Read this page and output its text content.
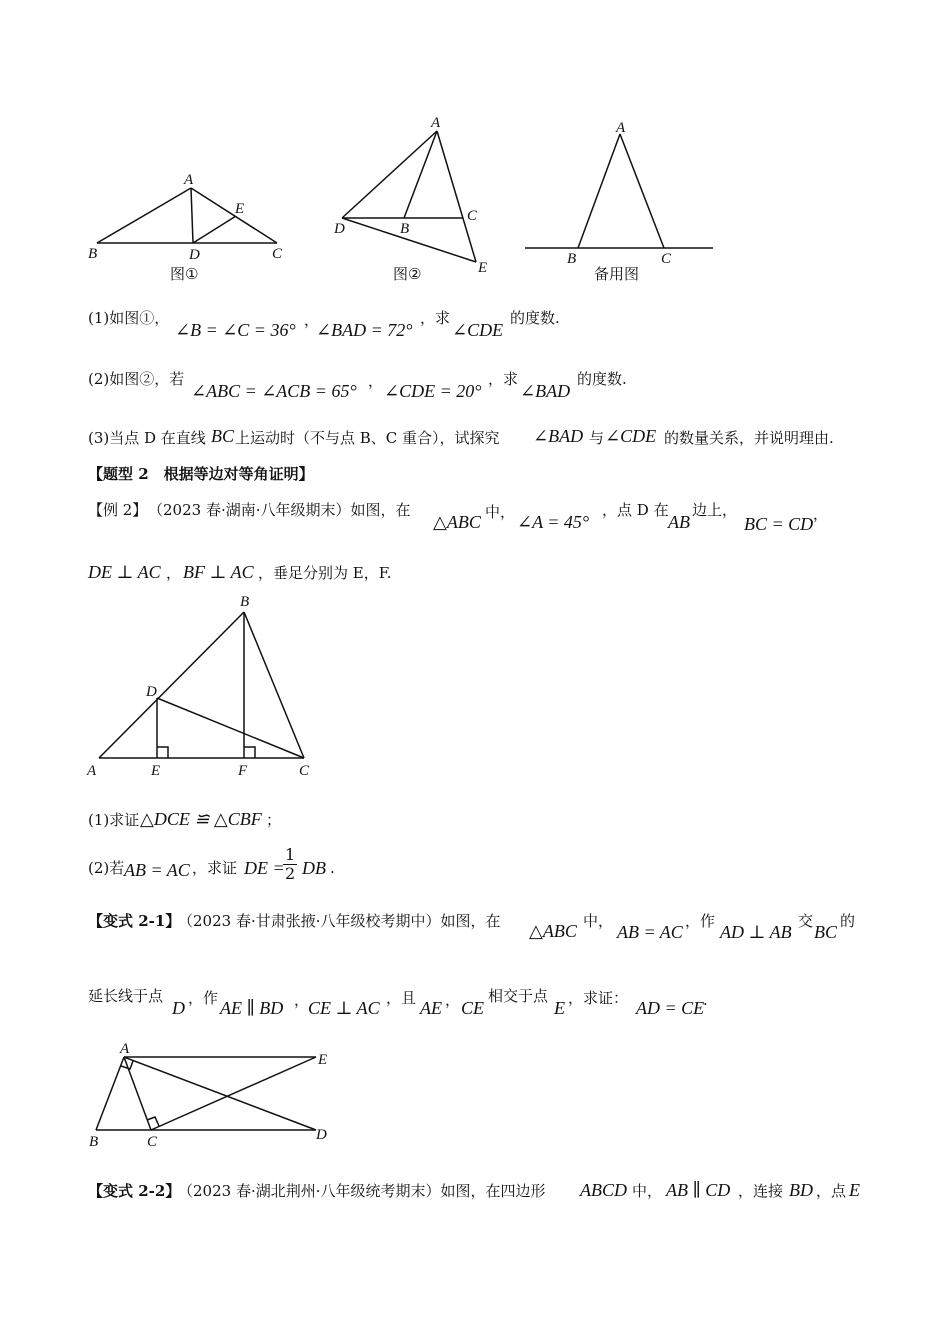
A
B	C
D
E
图①
A
B
C
D
E
图②
A
B	C
备用图
(1)如图①，
∠B = ∠C = 36° ，
∠BAD = 72°
，求
∠CDE
的度数.
(2)如图②，若
∠ABC = ∠ACB = 65° ， ∠CDE = 20°
，求
∠BAD
的度数.
(3)当点 D 在直线 BC 上运动时（不与点 B、C 重合），试探究 ∠BAD 与 ∠CDE 的数量关系，并说明理由.
【题型 2　根据等边对等角证明】
【例 2】 （2023 春·湖南·八年级期末）如图，在
△ABC 中， ∠A = 45°
，点 D 在
AB
边上，
BC = CD ，
DE ⊥ AC ， BF ⊥ AC ，垂足分别为 E，F.
A
B
C
D
E	F
(1)求证 △DCE ≌ △CBF ；
(2)若 AB = AC ，求证 DE =
$\frac{1}{2}$ DB .
【变式 2-1】
（2023 春·甘肃张掖·八年级校考期中）如图，在 △ABC 中，
AB = AC
，作
AD ⊥ AB
交
BC
的
延长线于点
D ，作 AE ∥ BD ，
CE ⊥ AC ，且 AE ， CE
相交于点
E ，求证： AD = CE
.
A
B	C	D
E
【变式 2-2】
（2023 春·湖北荆州·八年级统考期末）如图，在四边形 ABCD 中， AB ∥ CD ，连接 BD ，点 E
